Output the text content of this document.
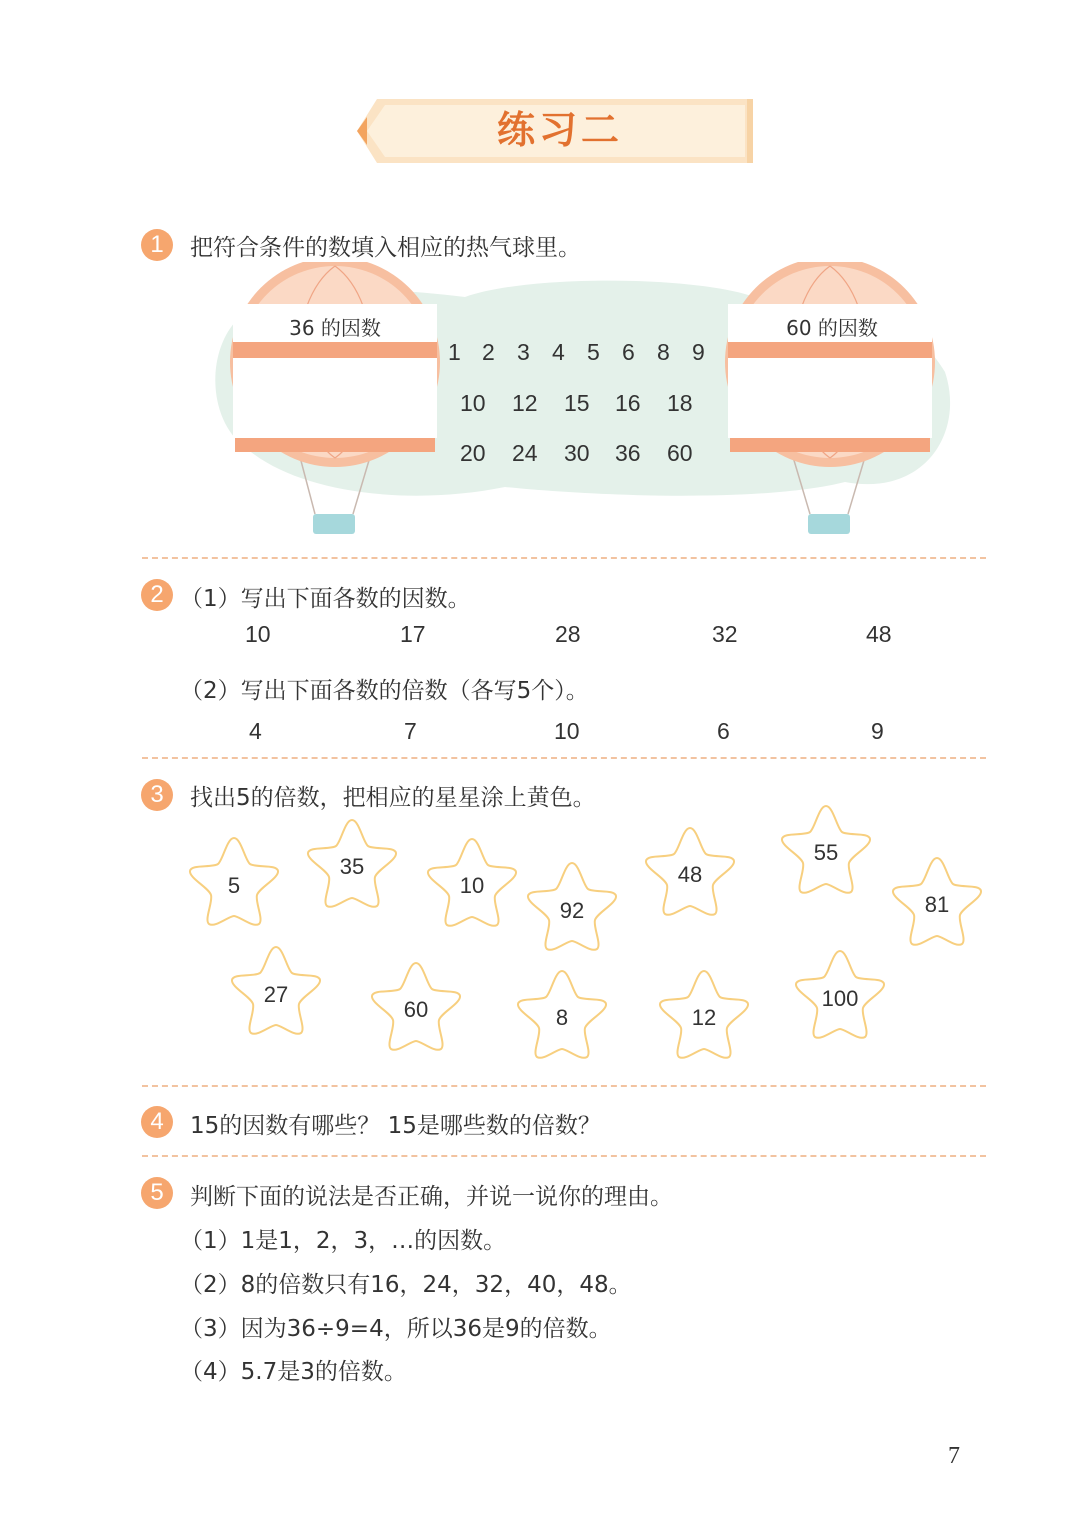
练习二
1	把符合条件的数填入相应的热气球里。
36 的因数	60 的因数
1 2 3 4 5 6 8 9
10 12 15 16 18
20 24 30 36 60
2 （1）写出下面各数的因数。
10	17	28	32	48
（2）写出下面各数的倍数（各写5个）。
4	7	10	6	9
3	找出5的倍数，把相应的星星涂上黄色。
5
35
10
92
48
55
81
27
60	8	12
100
4	15的因数有哪些？ 15是哪些数的倍数？
5	判断下面的说法是否正确，并说一说你的理由。
（1）1是1，2，3，…的因数。
（2）8的倍数只有16，24，32，40，48。
（3）因为36÷9=4，所以36是9的倍数。
（4）5.7是3的倍数。
7
